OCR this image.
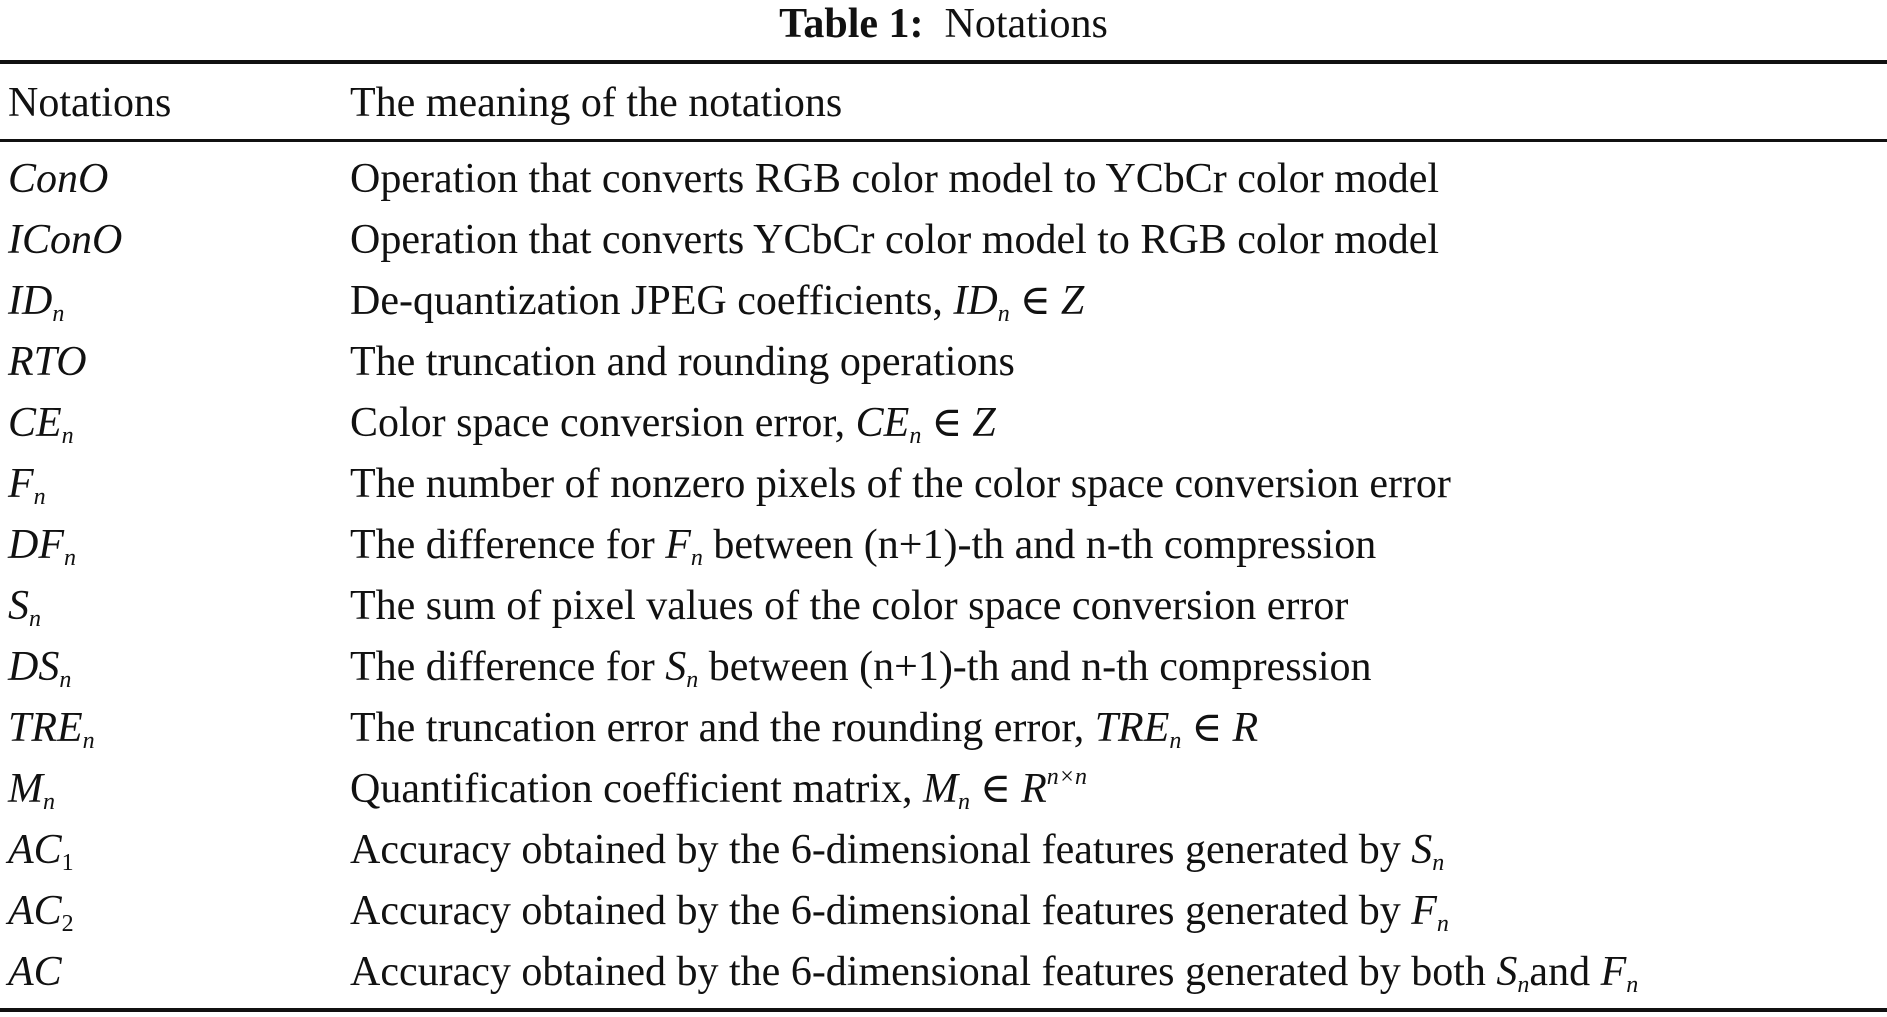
Table 1: Notations
Notations	The meaning of the notations
ConO	Operation that converts RGB color model to YCbCr color model
IConO	Operation that converts YCbCr color model to RGB color model
$ID_n$	De-quantization JPEG coefficients, $ID_n$ ∈ Z
RTO	The truncation and rounding operations
$CE_n$	Color space conversion error, $CE_n$ ∈ Z
$F_n$	The number of nonzero pixels of the color space conversion error
$DF_n$	The difference for $F_n$ between (n+1)-th and n-th compression
$S_n$	The sum of pixel values of the color space conversion error
$DS_n$	The difference for $S_n$ between (n+1)-th and n-th compression
$TRE_n$	The truncation error and the rounding error, $TRE_n$ ∈ R
$M_n$	Quantification coefficient matrix, $M_n$ ∈ $R^{n\times n}$
$AC_1$	Accuracy obtained by the 6-dimensional features generated by $S_n$
$AC_2$	Accuracy obtained by the 6-dimensional features generated by $F_n$
AC	Accuracy obtained by the 6-dimensional features generated by both $S_nand$ $F_n$
